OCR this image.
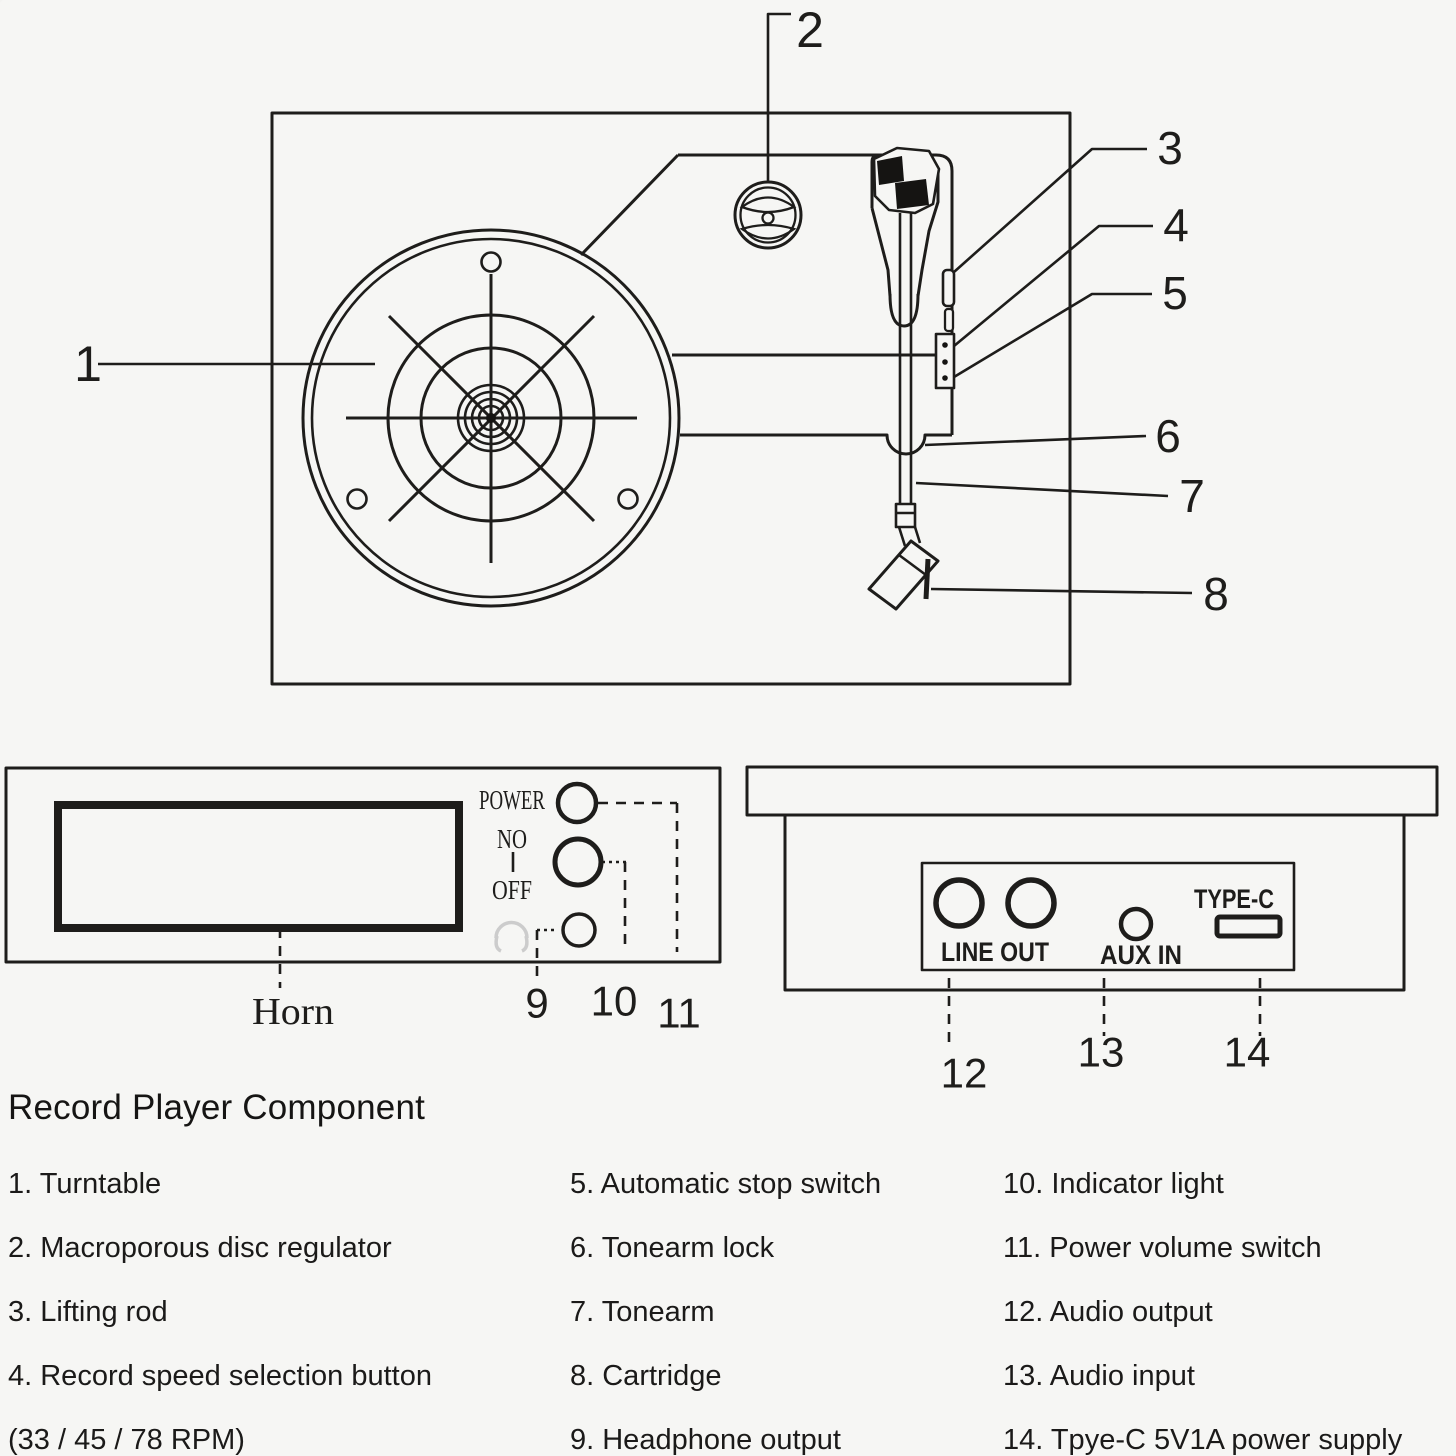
1
2
3
4
5
6
7
8
POWER
NO
OFF
Horn	9 10 11
LINE OUT AUX IN
TYPE-C
12 13 14
Record Player Component
1. Turntable
2. Macroporous disc regulator
3. Lifting rod
4. Record speed selection button
(33 / 45 / 78 RPM)
5. Automatic stop switch
6. Tonearm lock
7. Tonearm
8. Cartridge
9. Headphone output
10. Indicator light
11. Power volume switch
12. Audio output
13. Audio input
14. Tpye-C 5V1A power supply
